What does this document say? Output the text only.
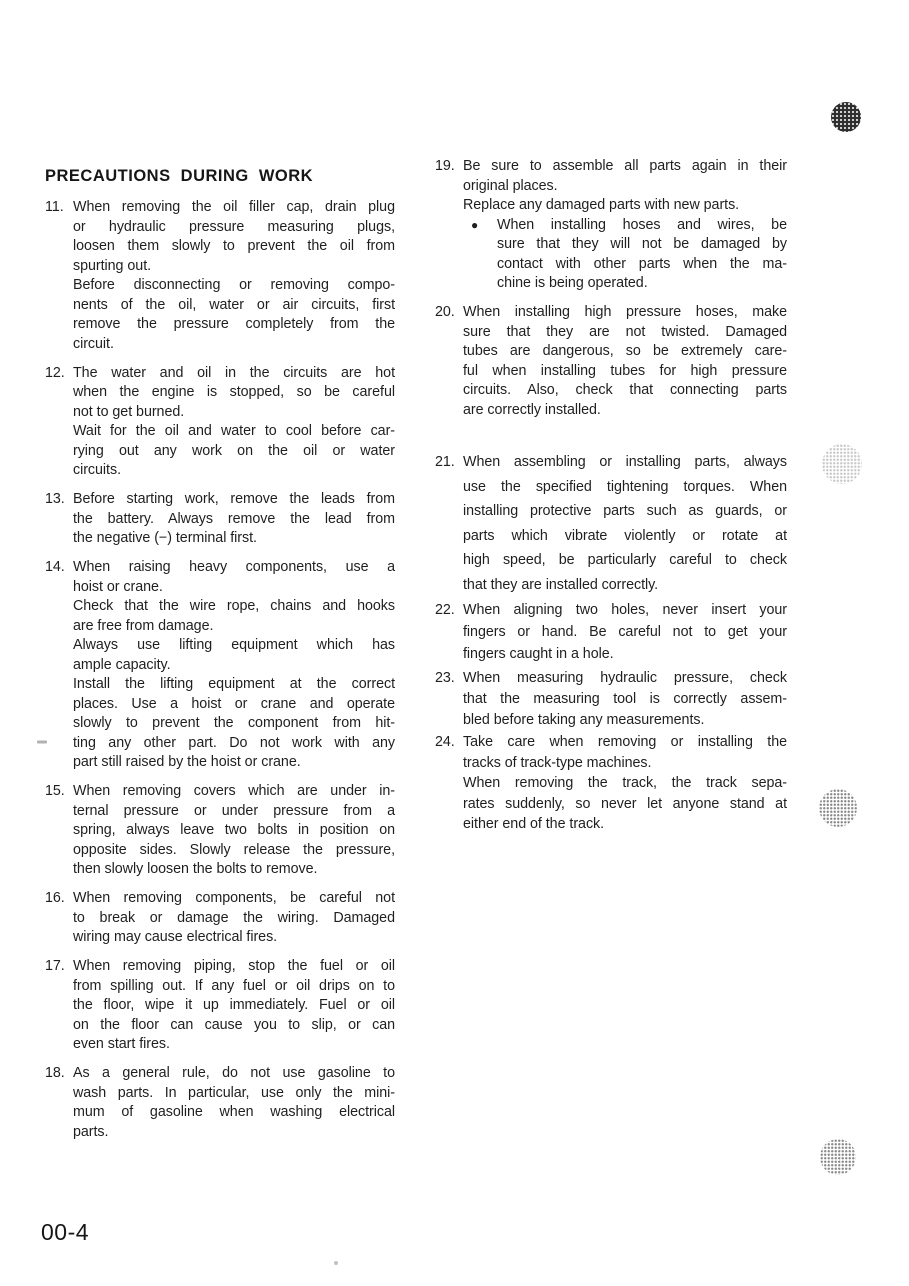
PRECAUTIONS DURING WORK
11. When removing the oil filler cap, drain plug
or hydraulic pressure measuring plugs,
loosen them slowly to prevent the oil from
spurting out.
Before disconnecting or removing compo-
nents of the oil, water or air circuits, first
remove the pressure completely from the
circuit.
12. The water and oil in the circuits are hot
when the engine is stopped, so be careful
not to get burned.
Wait for the oil and water to cool before car-
rying out any work on the oil or water
circuits.
13. Before starting work, remove the leads from
the battery. Always remove the lead from
the negative (−) terminal first.
14. When raising heavy components, use a
hoist or crane.
Check that the wire rope, chains and hooks
are free from damage.
Always use lifting equipment which has
ample capacity.
Install the lifting equipment at the correct
places. Use a hoist or crane and operate
slowly to prevent the component from hit-
ting any other part. Do not work with any
part still raised by the hoist or crane.
15. When removing covers which are under in-
ternal pressure or under pressure from a
spring, always leave two bolts in position on
opposite sides. Slowly release the pressure,
then slowly loosen the bolts to remove.
16. When removing components, be careful not
to break or damage the wiring. Damaged
wiring may cause electrical fires.
17. When removing piping, stop the fuel or oil
from spilling out. If any fuel or oil drips on to
the floor, wipe it up immediately. Fuel or oil
on the floor can cause you to slip, or can
even start fires.
18. As a general rule, do not use gasoline to
wash parts. In particular, use only the mini-
mum of gasoline when washing electrical
parts.
19. Be sure to assemble all parts again in their
original places.
Replace any damaged parts with new parts.
● When installing hoses and wires, be
sure that they will not be damaged by
contact with other parts when the ma-
chine is being operated.
20. When installing high pressure hoses, make
sure that they are not twisted. Damaged
tubes are dangerous, so be extremely care-
ful when installing tubes for high pressure
circuits. Also, check that connecting parts
are correctly installed.
21. When assembling or installing parts, always
use the specified tightening torques. When
installing protective parts such as guards, or
parts which vibrate violently or rotate at
high speed, be particularly careful to check
that they are installed correctly.
22. When aligning two holes, never insert your
fingers or hand. Be careful not to get your
fingers caught in a hole.
23. When measuring hydraulic pressure, check
that the measuring tool is correctly assem-
bled before taking any measurements.
24. Take care when removing or installing the
tracks of track-type machines.
When removing the track, the track sepa-
rates suddenly, so never let anyone stand at
either end of the track.
00-4
